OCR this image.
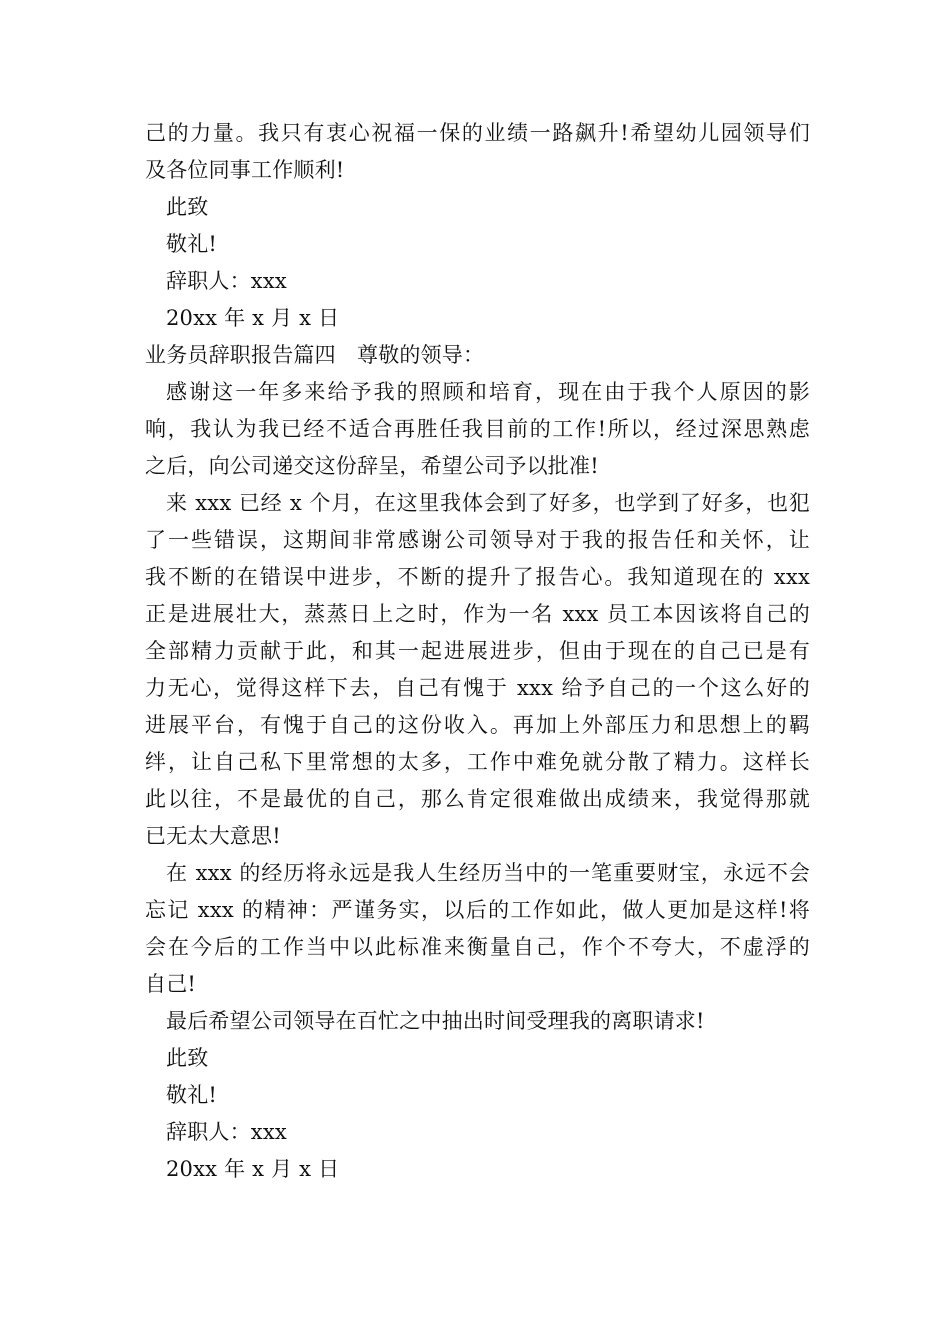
己的力量。我只有衷心祝福一保的业绩一路飙升!希望幼儿园领导们
及各位同事工作顺利!
此致
敬礼!
辞职人：xxx
20xx 年 x 月 x 日
业务员辞职报告篇四　尊敬的领导：
感谢这一年多来给予我的照顾和培育，现在由于我个人原因的影
响，我认为我已经不适合再胜任我目前的工作!所以，经过深思熟虑
之后，向公司递交这份辞呈，希望公司予以批准!
来 xxx 已经 x 个月，在这里我体会到了好多，也学到了好多，也犯
了一些错误，这期间非常感谢公司领导对于我的报告任和关怀，让
我不断的在错误中进步，不断的提升了报告心。我知道现在的 xxx
正是进展壮大，蒸蒸日上之时，作为一名 xxx 员工本因该将自己的
全部精力贡献于此，和其一起进展进步，但由于现在的自己已是有
力无心，觉得这样下去，自己有愧于 xxx 给予自己的一个这么好的
进展平台，有愧于自己的这份收入。再加上外部压力和思想上的羁
绊，让自己私下里常想的太多，工作中难免就分散了精力。这样长
此以往，不是最优的自己，那么肯定很难做出成绩来，我觉得那就
已无太大意思!
在 xxx 的经历将永远是我人生经历当中的一笔重要财宝，永远不会
忘记 xxx 的精神：严谨务实，以后的工作如此，做人更加是这样!将
会在今后的工作当中以此标准来衡量自己，作个不夸大，不虚浮的
自己!
最后希望公司领导在百忙之中抽出时间受理我的离职请求!
此致
敬礼!
辞职人：xxx
20xx 年 x 月 x 日
